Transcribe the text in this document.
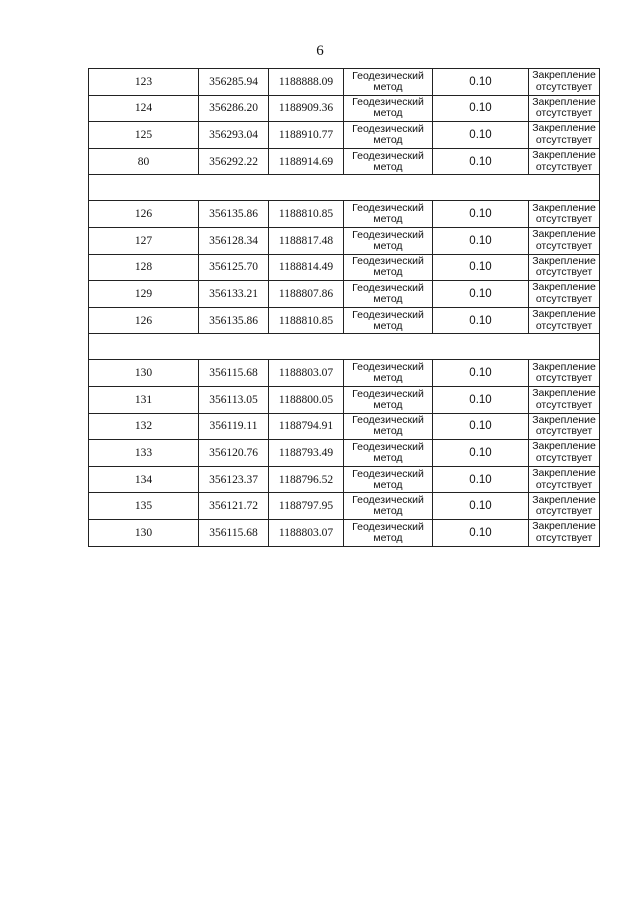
6
123	356285.94	1188888.09	Геодезический
метод	0.10	Закрепление
отсутствует

124	356286.20	1188909.36	Геодезический
метод	0.10	Закрепление
отсутствует

125	356293.04	1188910.77	Геодезический
метод	0.10	Закрепление
отсутствует

80	356292.22	1188914.69	Геодезический
метод	0.10	Закрепление
отсутствует

126	356135.86	1188810.85	Геодезический
метод	0.10	Закрепление
отсутствует

127	356128.34	1188817.48	Геодезический
метод	0.10	Закрепление
отсутствует

128	356125.70	1188814.49	Геодезический
метод	0.10	Закрепление
отсутствует

129	356133.21	1188807.86	Геодезический
метод	0.10	Закрепление
отсутствует

126	356135.86	1188810.85	Геодезический
метод	0.10	Закрепление
отсутствует

130	356115.68	1188803.07	Геодезический
метод	0.10	Закрепление
отсутствует

131	356113.05	1188800.05	Геодезический
метод	0.10	Закрепление
отсутствует

132	356119.11	1188794.91	Геодезический
метод	0.10	Закрепление
отсутствует

133	356120.76	1188793.49	Геодезический
метод	0.10	Закрепление
отсутствует

134	356123.37	1188796.52	Геодезический
метод	0.10	Закрепление
отсутствует

135	356121.72	1188797.95	Геодезический
метод	0.10	Закрепление
отсутствует

130	356115.68	1188803.07	Геодезический
метод	0.10	Закрепление
отсутствует
